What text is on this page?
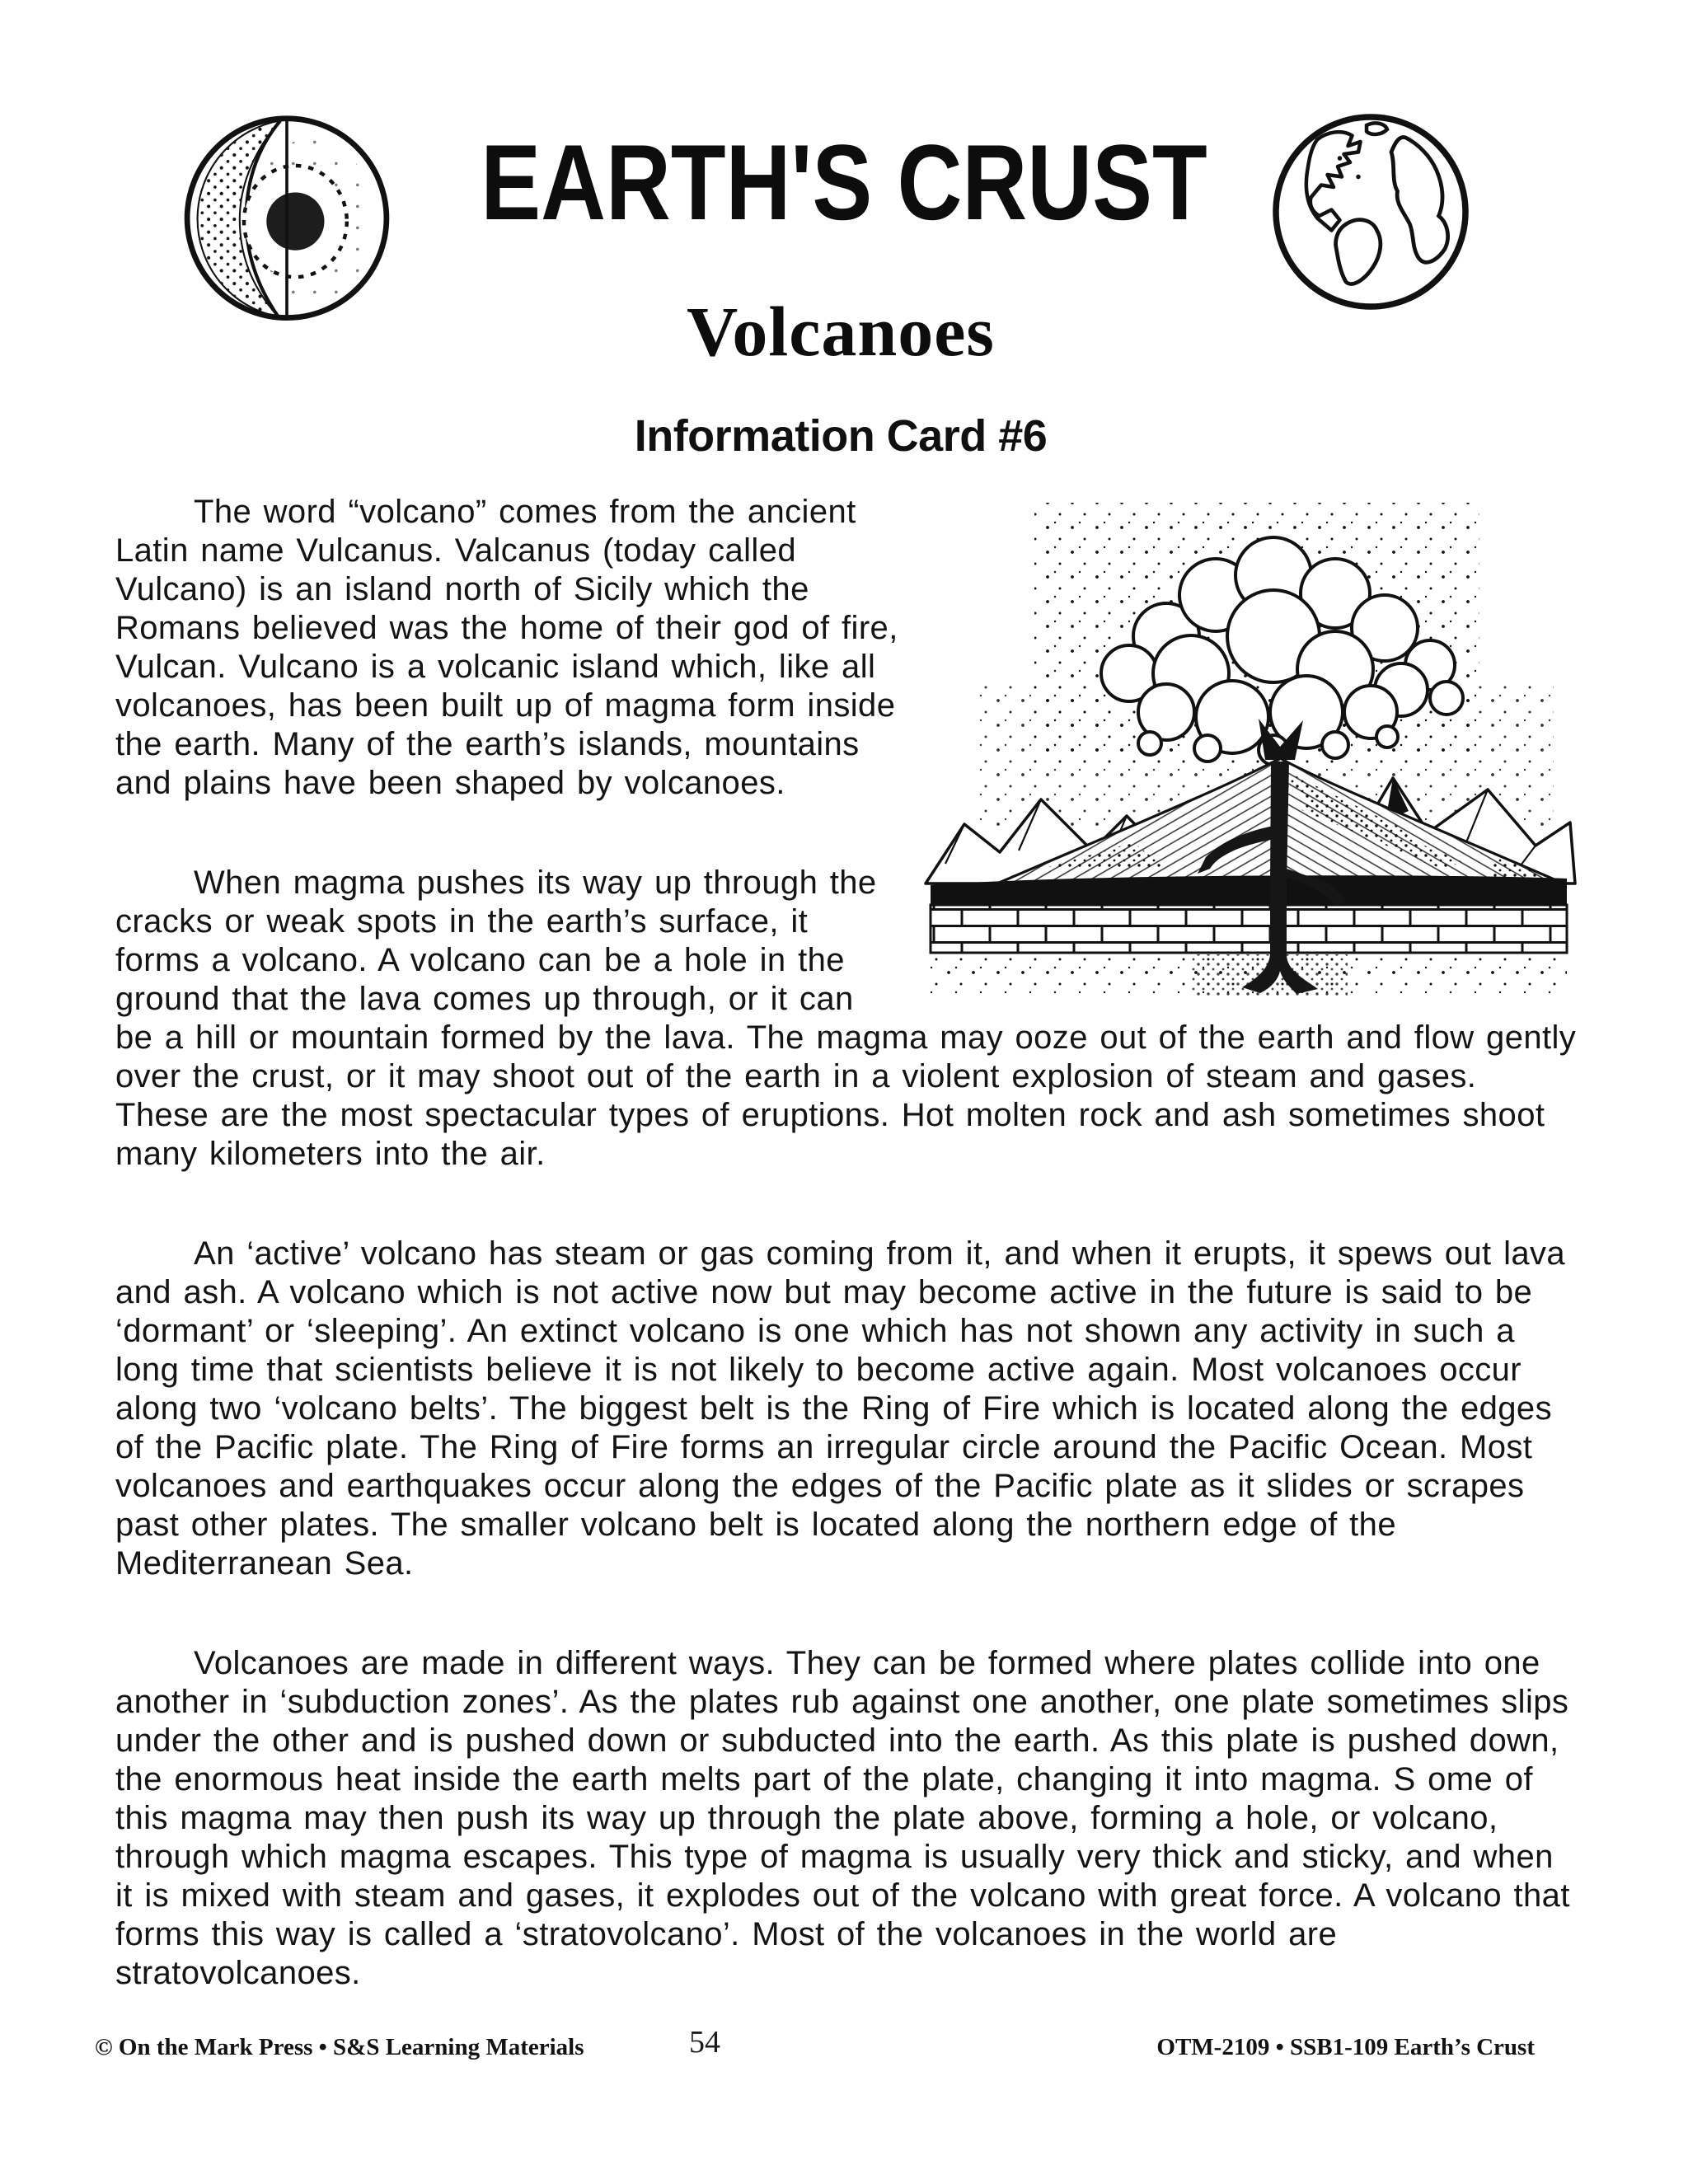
EARTH'S CRUST
Volcanoes
Information Card #6

The word “volcano” comes from the ancient Latin name Vulcanus. Valcanus (today called Vulcano) is an island north of Sicily which the Romans believed was the home of their god of fire, Vulcan. Vulcano is a volcanic island which, like all volcanoes, has been built up of magma form inside the earth. Many of the earth’s islands, mountains and plains have been shaped by volcanoes.

When magma pushes its way up through the cracks or weak spots in the earth’s surface, it forms a volcano. A volcano can be a hole in the ground that the lava comes up through, or it can be a hill or mountain formed by the lava. The magma may ooze out of the earth and flow gently over the crust, or it may shoot out of the earth in a violent explosion of steam and gases. These are the most spectacular types of eruptions. Hot molten rock and ash sometimes shoot many kilometers into the air.

An ‘active’ volcano has steam or gas coming from it, and when it erupts, it spews out lava and ash. A volcano which is not active now but may become active in the future is said to be ‘dormant’ or ‘sleeping’. An extinct volcano is one which has not shown any activity in such a long time that scientists believe it is not likely to become active again. Most volcanoes occur along two ‘volcano belts’. The biggest belt is the Ring of Fire which is located along the edges of the Pacific plate. The Ring of Fire forms an irregular circle around the Pacific Ocean. Most volcanoes and earthquakes occur along the edges of the Pacific plate as it slides or scrapes past other plates. The smaller volcano belt is located along the northern edge of the Mediterranean Sea.

Volcanoes are made in different ways. They can be formed where plates collide into one another in ‘subduction zones’. As the plates rub against one another, one plate sometimes slips under the other and is pushed down or subducted into the earth. As this plate is pushed down, the enormous heat inside the earth melts part of the plate, changing it into magma. S ome of this magma may then push its way up through the plate above, forming a hole, or volcano, through which magma escapes. This type of magma is usually very thick and sticky, and when it is mixed with steam and gases, it explodes out of the volcano with great force. A volcano that forms this way is called a ‘stratovolcano’. Most of the volcanoes in the world are stratovolcanoes.

© On the Mark Press • S&S Learning Materials	54	OTM-2109 • SSB1-109 Earth’s Crust
